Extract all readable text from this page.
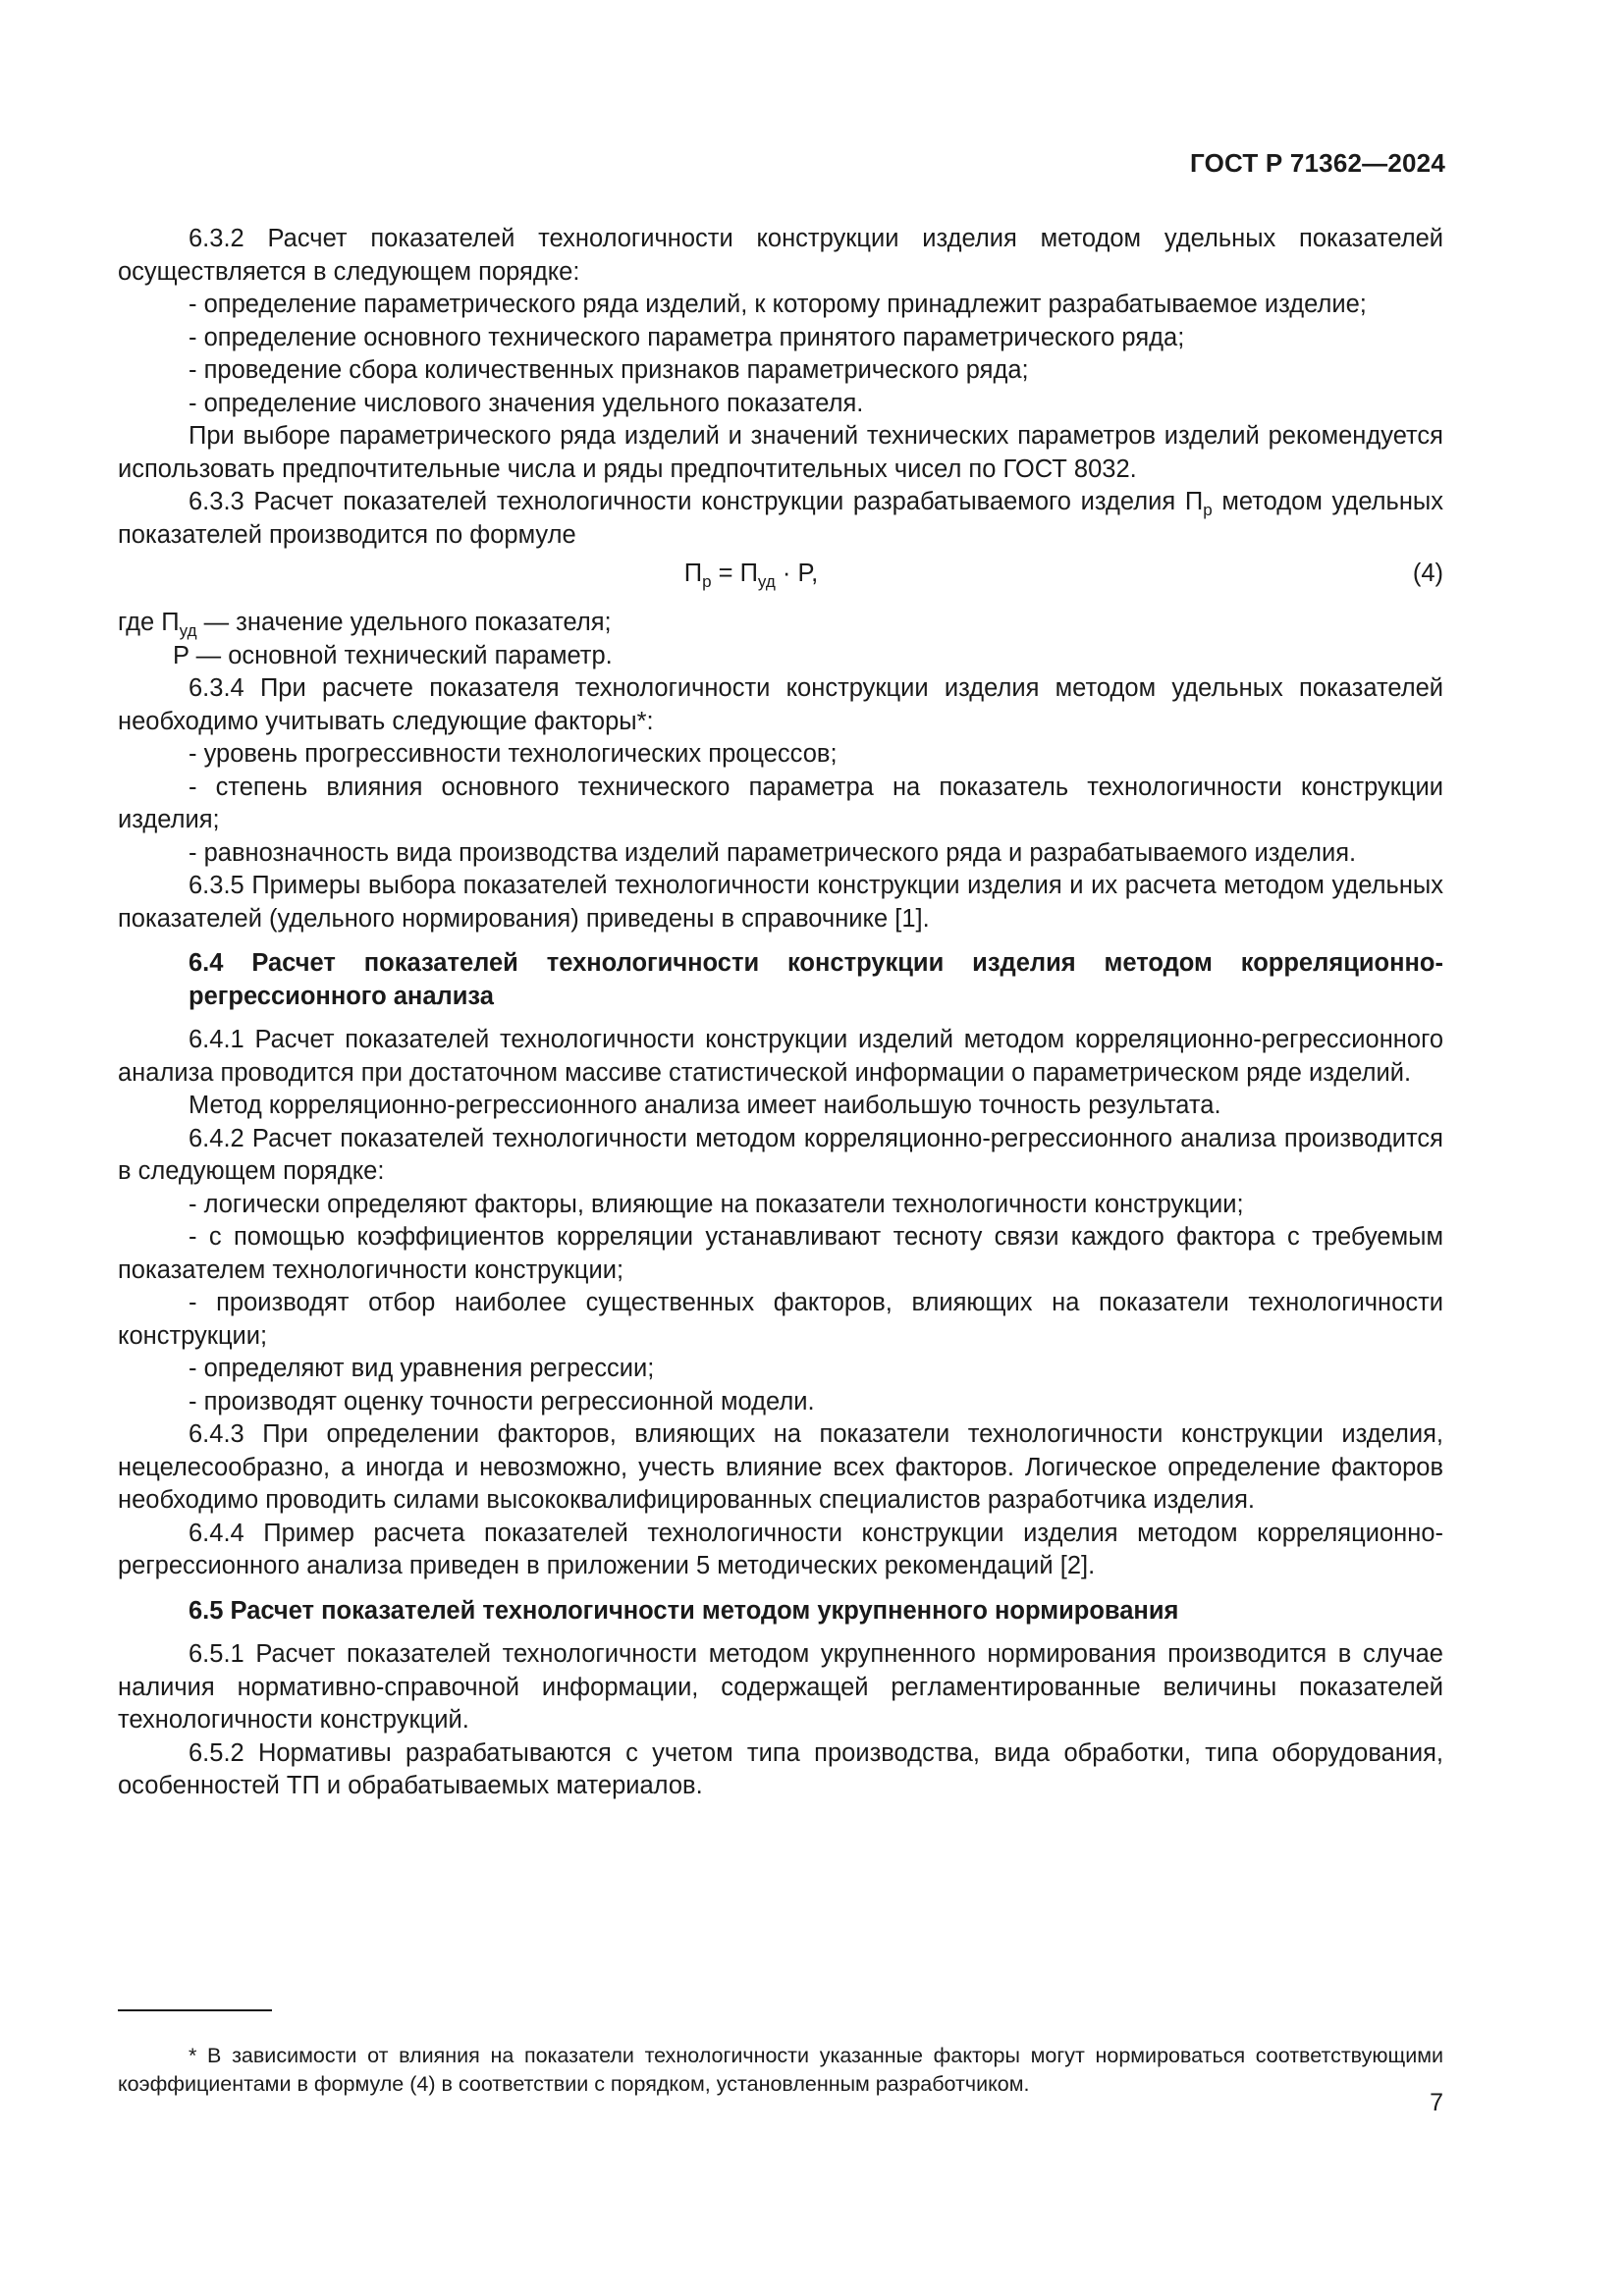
ГОСТ Р 71362—2024

6.3.2 Расчет показателей технологичности конструкции изделия методом удельных показателей осуществляется в следующем порядке:

- определение параметрического ряда изделий, к которому принадлежит разрабатываемое изделие;

- определение основного технического параметра принятого параметрического ряда;

- проведение сбора количественных признаков параметрического ряда;

- определение числового значения удельного показателя.

При выборе параметрического ряда изделий и значений технических параметров изделий рекомендуется использовать предпочтительные числа и ряды предпочтительных чисел по ГОСТ 8032.

6.3.3 Расчет показателей технологичности конструкции разрабатываемого изделия $П_р$ методом удельных показателей производится по формуле

$П_р = П_{уд} \cdot P$,	(4)

где $П_{уд}$ — значение удельного показателя;

P — основной технический параметр.

6.3.4 При расчете показателя технологичности конструкции изделия методом удельных показателей необходимо учитывать следующие факторы*:

- уровень прогрессивности технологических процессов;

- степень влияния основного технического параметра на показатель технологичности конструкции изделия;

- равнозначность вида производства изделий параметрического ряда и разрабатываемого изделия.

6.3.5 Примеры выбора показателей технологичности конструкции изделия и их расчета методом удельных показателей (удельного нормирования) приведены в справочнике [1].

6.4 Расчет показателей технологичности конструкции изделия методом корреляционно-регрессионного анализа

6.4.1 Расчет показателей технологичности конструкции изделий методом корреляционно-регрессионного анализа проводится при достаточном массиве статистической информации о параметрическом ряде изделий.

Метод корреляционно-регрессионного анализа имеет наибольшую точность результата.

6.4.2 Расчет показателей технологичности методом корреляционно-регрессионного анализа производится в следующем порядке:

- логически определяют факторы, влияющие на показатели технологичности конструкции;

- с помощью коэффициентов корреляции устанавливают тесноту связи каждого фактора с требуемым показателем технологичности конструкции;

- производят отбор наиболее существенных факторов, влияющих на показатели технологичности конструкции;

- определяют вид уравнения регрессии;

- производят оценку точности регрессионной модели.

6.4.3 При определении факторов, влияющих на показатели технологичности конструкции изделия, нецелесообразно, а иногда и невозможно, учесть влияние всех факторов. Логическое определение факторов необходимо проводить силами высококвалифицированных специалистов разработчика изделия.

6.4.4 Пример расчета показателей технологичности конструкции изделия методом корреляционно-регрессионного анализа приведен в приложении 5 методических рекомендаций [2].

6.5 Расчет показателей технологичности методом укрупненного нормирования

6.5.1 Расчет показателей технологичности методом укрупненного нормирования производится в случае наличия нормативно-справочной информации, содержащей регламентированные величины показателей технологичности конструкций.

6.5.2 Нормативы разрабатываются с учетом типа производства, вида обработки, типа оборудования, особенностей ТП и обрабатываемых материалов.

* В зависимости от влияния на показатели технологичности указанные факторы могут нормироваться соответствующими коэффициентами в формуле (4) в соответствии с порядком, установленным разработчиком.

7
